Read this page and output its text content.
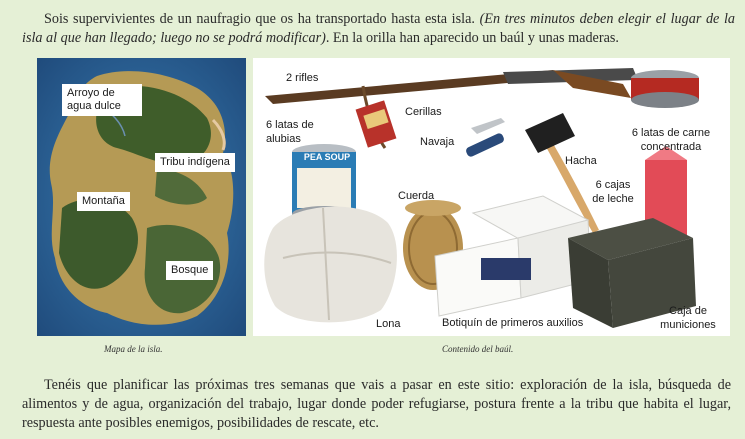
Sois supervivientes de un naufragio que os ha transportado hasta esta isla. (En tres minutos deben elegir el lugar de la isla al que han llegado; luego no se podrá modificar). En la orilla han aparecido un baúl y unas maderas.

Arroyo de agua dulce
Tribu indígena
Montaña
Bosque
Mapa de la isla.
2 rifles
Cerillas
Navaja
6 latas de alubias	6 latas de carne concentrada
Hacha
6 cajas de leche
Cuerda
Lona	Botiquín de primeros auxilios
Caja de municiones
PEA SOUP
Contenido del baúl.

Tenéis que planificar las próximas tres semanas que vais a pasar en este sitio: exploración de la isla, búsqueda de alimentos y de agua, organización del trabajo, lugar donde poder refugiarse, postura frente a la tribu que habita el lugar, respuesta ante posibles enemigos, posibilidades de rescate, etc.
